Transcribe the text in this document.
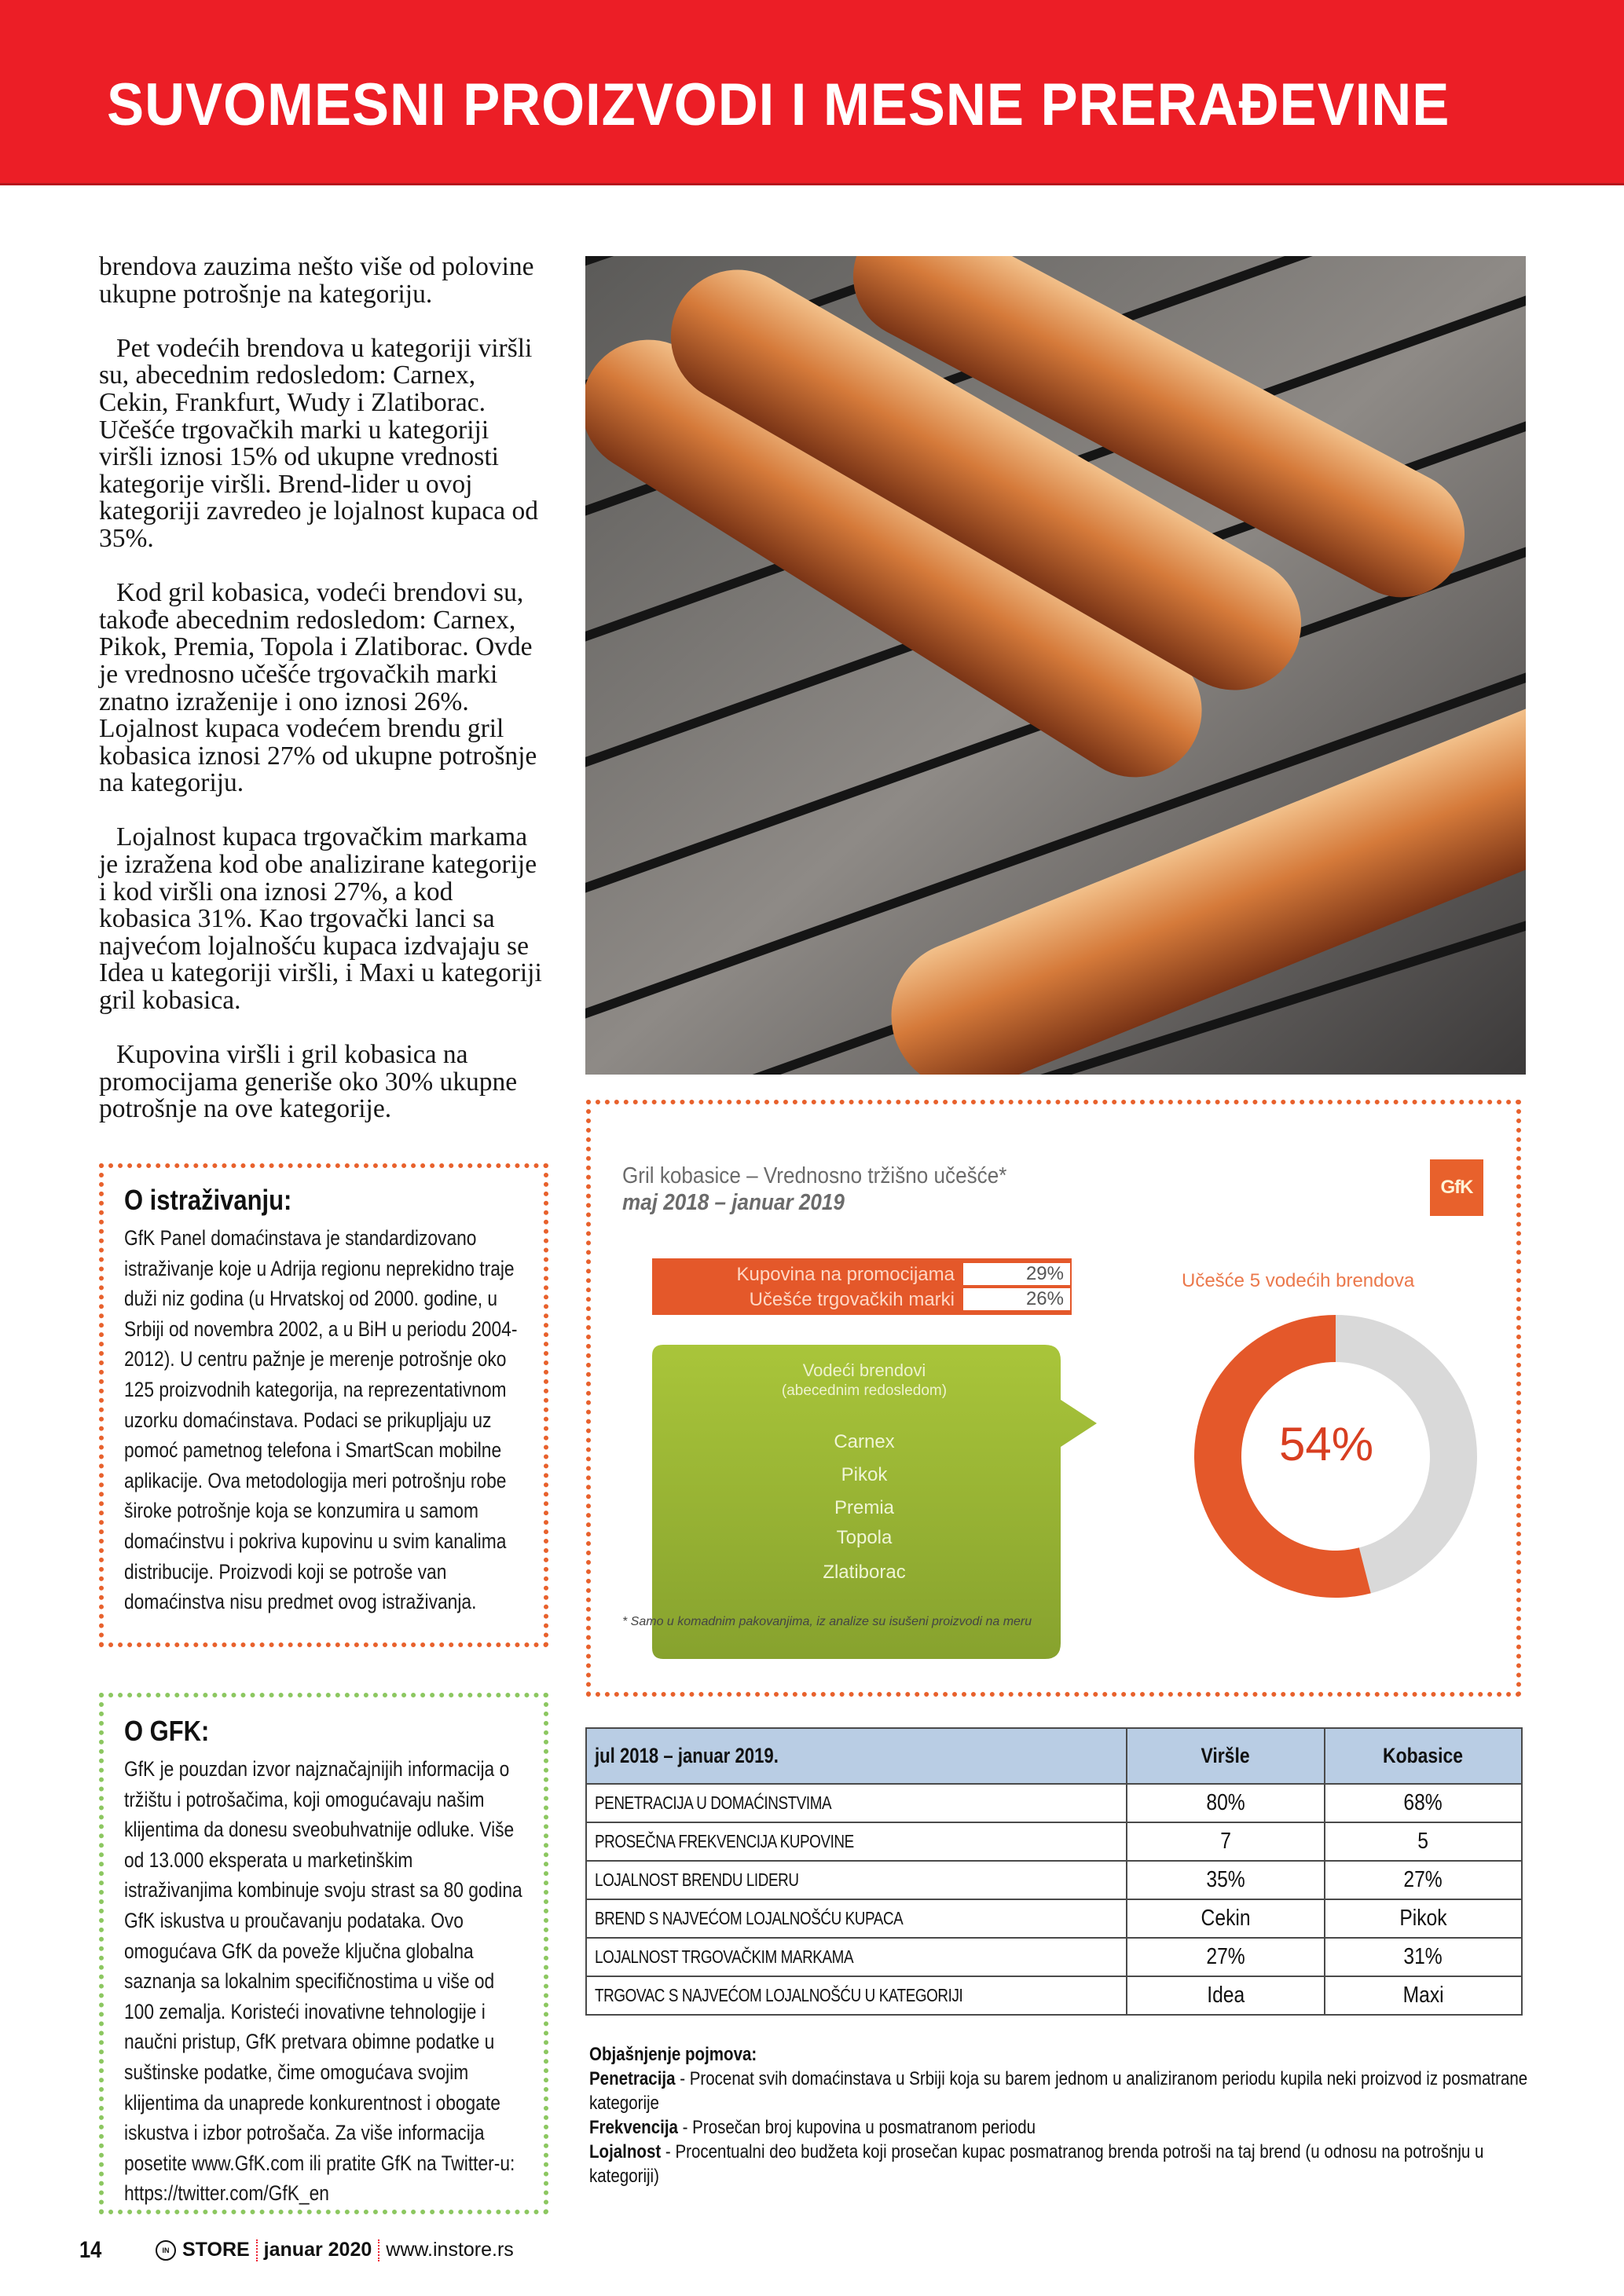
SUVOMESNI PROIZVODI I MESNE PRERAĐEVINE

brendova zauzima nešto više od polovine ukupne potrošnje na kategoriju.

Pet vodećih brendova u kategoriji viršli su, abecednim redosledom: Carnex, Cekin, Frankfurt, Wudy i Zlatiborac. Učešće trgovačkih marki u kategoriji viršli iznosi 15% od ukupne vrednosti kategorije viršli. Brend-lider u ovoj kategoriji zavredeo je lojalnost kupaca od 35%.

Kod gril kobasica, vodeći brendovi su, takođe abecednim redosledom: Carnex, Pikok, Premia, Topola i Zlatiborac. Ovde je vrednosno učešće trgovačkih marki znatno izraženije i ono iznosi 26%. Lojalnost kupaca vodećem brendu gril kobasica iznosi 27% od ukupne potrošnje na kategoriju.

Lojalnost kupaca trgovačkim markama je izražena kod obe analizirane kategorije i kod viršli ona iznosi 27%, a kod kobasica 31%. Kao trgovački lanci sa najvećom lojalnošću kupaca izdvajaju se Idea u kategoriji viršli, i Maxi u kategoriji gril kobasica.

Kupovina viršli i gril kobasica na promocijama generiše oko 30% ukupne potrošnje na ove kategorije.

O istraživanju:
GfK Panel domaćinstava je standardizovano istraživanje koje u Adrija regionu neprekidno traje duži niz godina (u Hrvatskoj od 2000. godine, u Srbiji od novembra 2002, a u BiH u periodu 2004-2012). U centru pažnje je merenje potrošnje oko 125 proizvodnih kategorija, na reprezentativnom uzorku domaćinstava. Podaci se prikupljaju uz pomoć pametnog telefona i SmartScan mobilne aplikacije. Ova metodologija meri potrošnju robe široke potrošnje koja se konzumira u samom domaćinstvu i pokriva kupovinu u svim kanalima distribucije. Proizvodi koji se potroše van domaćinstva nisu predmet ovog istraživanja.
O GFK:
GfK je pouzdan izvor najznačajnijih informacija o tržištu i potrošačima, koji omogućavaju našim klijentima da donesu sveobuhvatnije odluke. Više od 13.000 eksperata u marketinškim istraživanjima kombinuje svoju strast sa 80 godina GfK iskustva u proučavanju podataka. Ovo omogućava GfK da poveže ključna globalna saznanja sa lokalnim specifičnostima u više od 100 zemalja. Koristeći inovativne tehnologije i naučni pristup, GfK pretvara obimne podatke u suštinske podatke, čime omogućava svojim klijentima da unaprede konkurentnost i obogate iskustva i izbor potrošača. Za više informacija posetite www.GfK.com ili pratite GfK na Twitter-u: https://twitter.com/GfK_en
Gril kobasice – Vrednosno tržišno učešće*
maj 2018 – januar 2019
GfK
Kupovina na promocijama	29%
Učešće trgovačkih marki	26%
Vodeći brendovi
(abecednim redosledom)
Carnex
Pikok
Premia
Topola
Zlatiborac
Učešće 5 vodećih brendova
54%
* Samo u komadnim pakovanjima, iz analize su isušeni proizvodi na meru
jul 2018 – januar 2019.	Viršle	Kobasice
PENETRACIJA U DOMAĆINSTVIMA	80%	68%
PROSEČNA FREKVENCIJA KUPOVINE	7	5
LOJALNOST BRENDU LIDERU	35%	27%
BREND S NAJVEĆOM LOJALNOŠĆU KUPACA	Cekin	Pikok
LOJALNOST TRGOVAČKIM MARKAMA	27%	31%
TRGOVAC S NAJVEĆOM LOJALNOŠĆU U KATEGORIJI	Idea	Maxi
Objašnjenje pojmova:
Penetracija - Procenat svih domaćinstava u Srbiji koja su barem jednom u analiziranom periodu kupila neki proizvod iz posmatrane kategorije
Frekvencija - Prosečan broj kupovina u posmatranom periodu
Lojalnost - Procentualni deo budžeta koji prosečan kupac posmatranog brenda potroši na taj brend (u odnosu na potrošnju u kategoriji)
14	IN STORE januar 2020 www.instore.rs
